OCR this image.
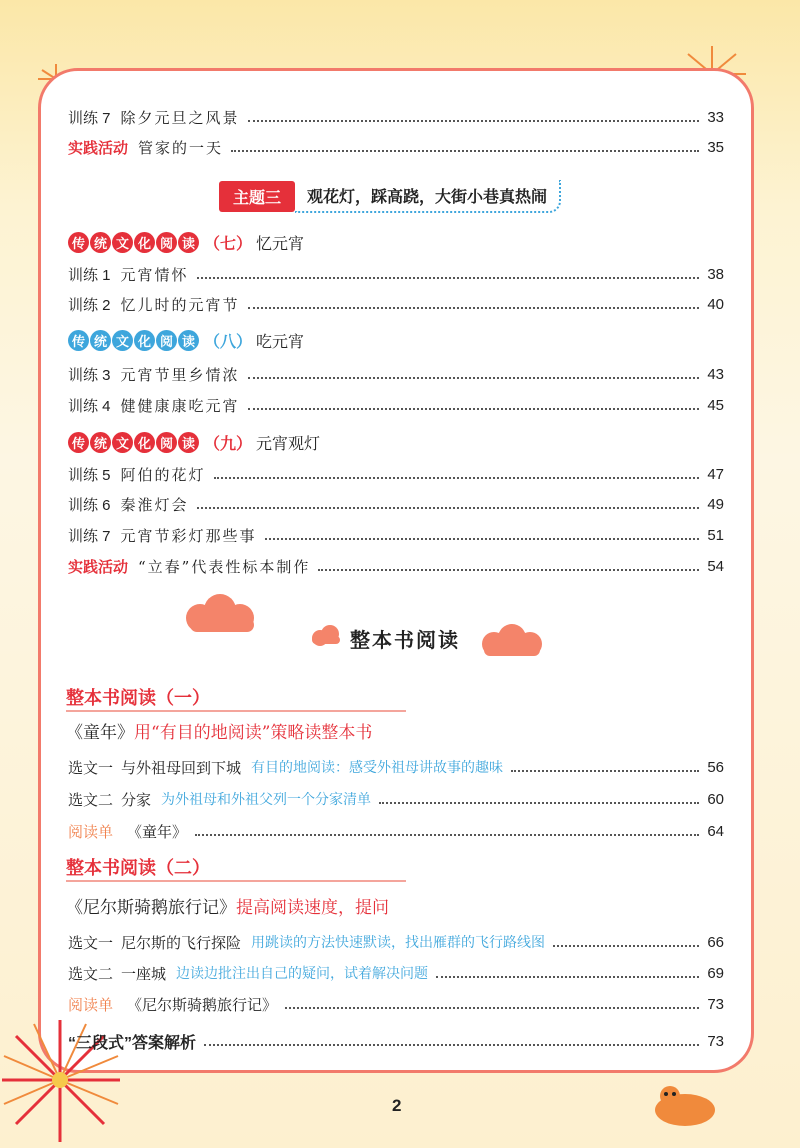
训练 7 除夕元旦之风景	33
实践活动 管家的一天	35
主题三	观花灯，踩高跷，大街小巷真热闹
传 统 文 化 阅 读 （七） 忆元宵
训练 1 元宵情怀	38
训练 2 忆儿时的元宵节	40
传 统 文 化 阅 读 （八） 吃元宵
训练 3 元宵节里乡情浓	43
训练 4 健健康康吃元宵	45
传 统 文 化 阅 读 （九） 元宵观灯
训练 5 阿伯的花灯	47
训练 6 秦淮灯会	49
训练 7 元宵节彩灯那些事	51
实践活动 “立春”代表性标本制作	54
整本书阅读
整本书阅读（一）
《童年》用“有目的地阅读”策略读整本书
选文一 与外祖母回到下城 有目的地阅读：感受外祖母讲故事的趣味	56
选文二 分家 为外祖母和外祖父列一个分家清单	60
阅读单 《童年》	64
整本书阅读（二）
《尼尔斯骑鹅旅行记》提高阅读速度，提问
选文一 尼尔斯的飞行探险 用跳读的方法快速默读，找出雁群的飞行路线图	66
选文二 一座城 边读边批注出自己的疑问，试着解决问题	69
阅读单 《尼尔斯骑鹅旅行记》	73
“三段式”答案解析	73
2
